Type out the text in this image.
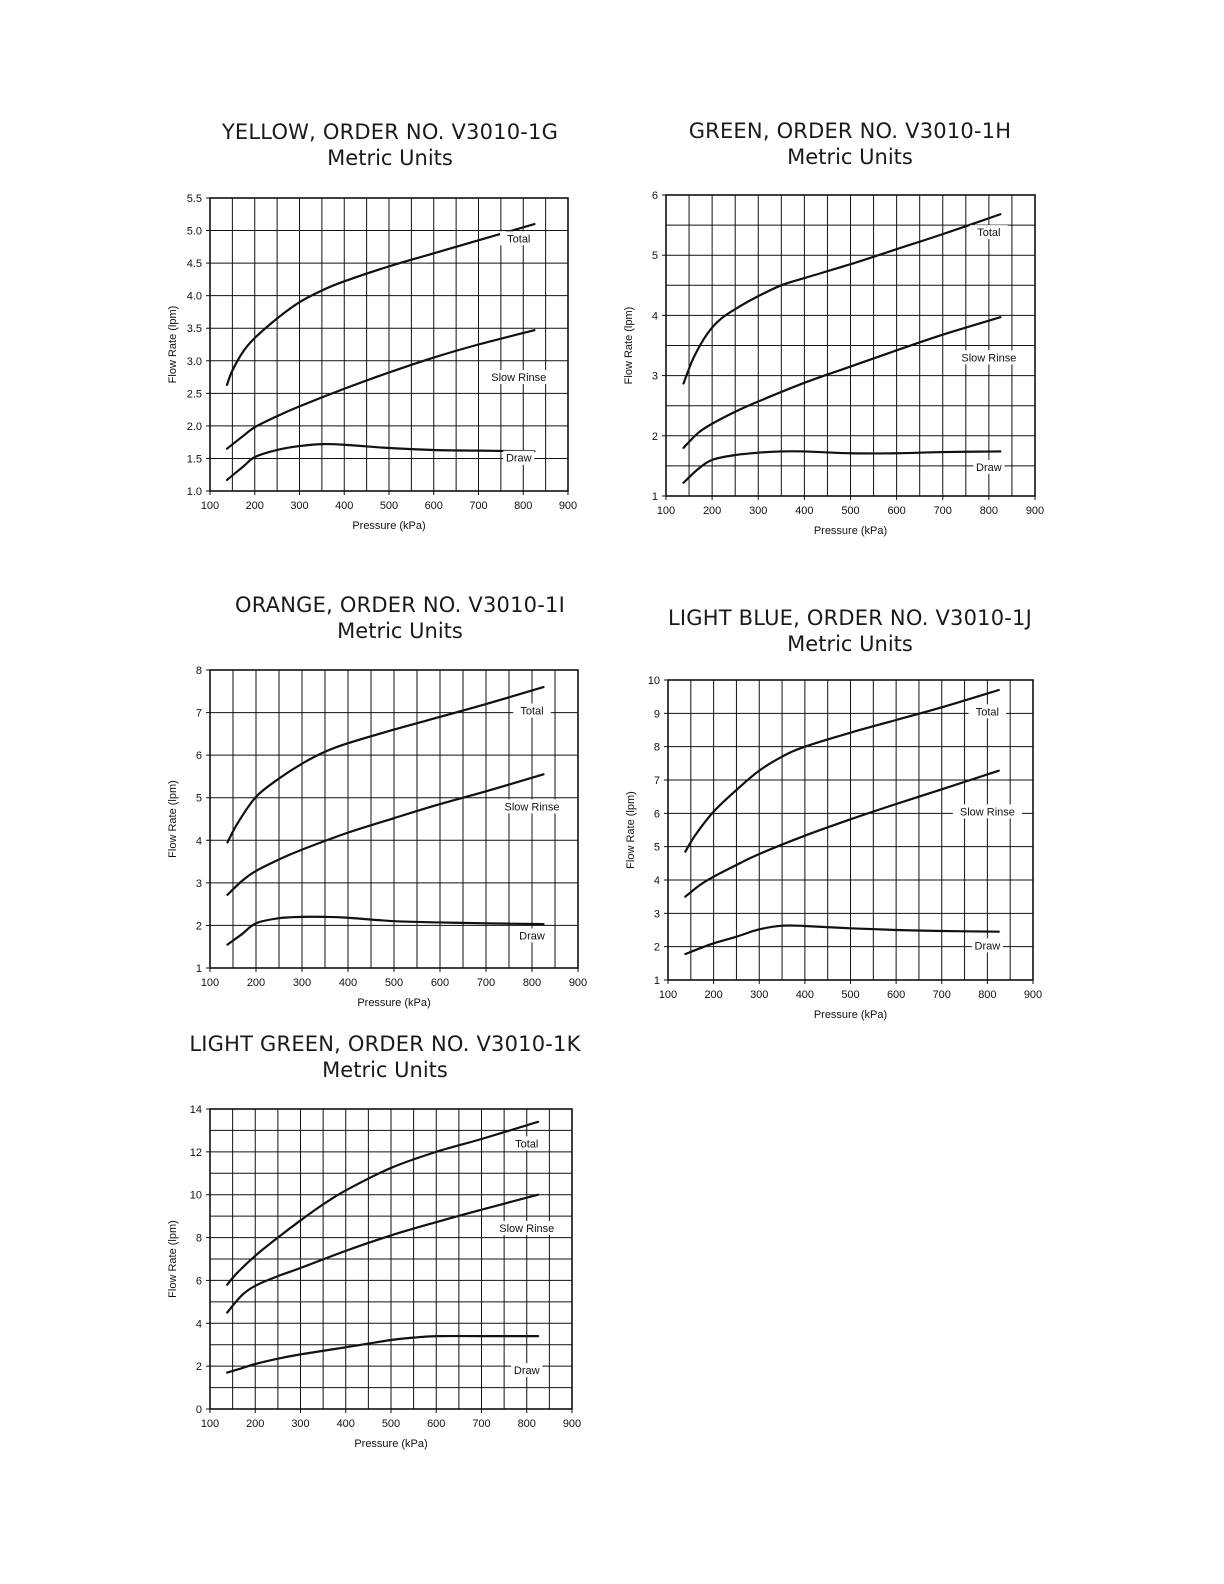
YELLOW, ORDER NO. V3010-1G
Metric Units
100 200 300 400 500 600 700 800 900
1.0
1.5
2.0
2.5
3.0
3.5
4.0
4.5
5.0
5.5
Pressure (kPa)
Flow Rate (lpm)
Total
Slow Rinse
Draw
GREEN, ORDER NO. V3010-1H
Metric Units
100	200	300	400	500	600	700	800	900
1
2
3
4
5
6
Pressure (kPa)
Flow Rate (lpm)
Total
Slow Rinse
Draw
ORANGE, ORDER NO. V3010-1I
Metric Units
100	200	300	400	500	600	700	800	900
1
2
3
4
5
6
7
8
Pressure (kPa)
Flow Rate (lpm)
Total
Slow Rinse
Draw
LIGHT BLUE, ORDER NO. V3010-1J
Metric Units
100 200 300 400 500 600 700 800 900
1
2
3
4
5
6
7
8
9
10
Pressure (kPa)
Flow Rate (lpm)
Total
Slow Rinse
Draw
LIGHT GREEN, ORDER NO. V3010-1K
Metric Units
100 200 300 400 500 600 700 800 900
0
2
4
6
8
10
12
14
Pressure (kPa)
Flow Rate (lpm)
Total
Slow Rinse
Draw
